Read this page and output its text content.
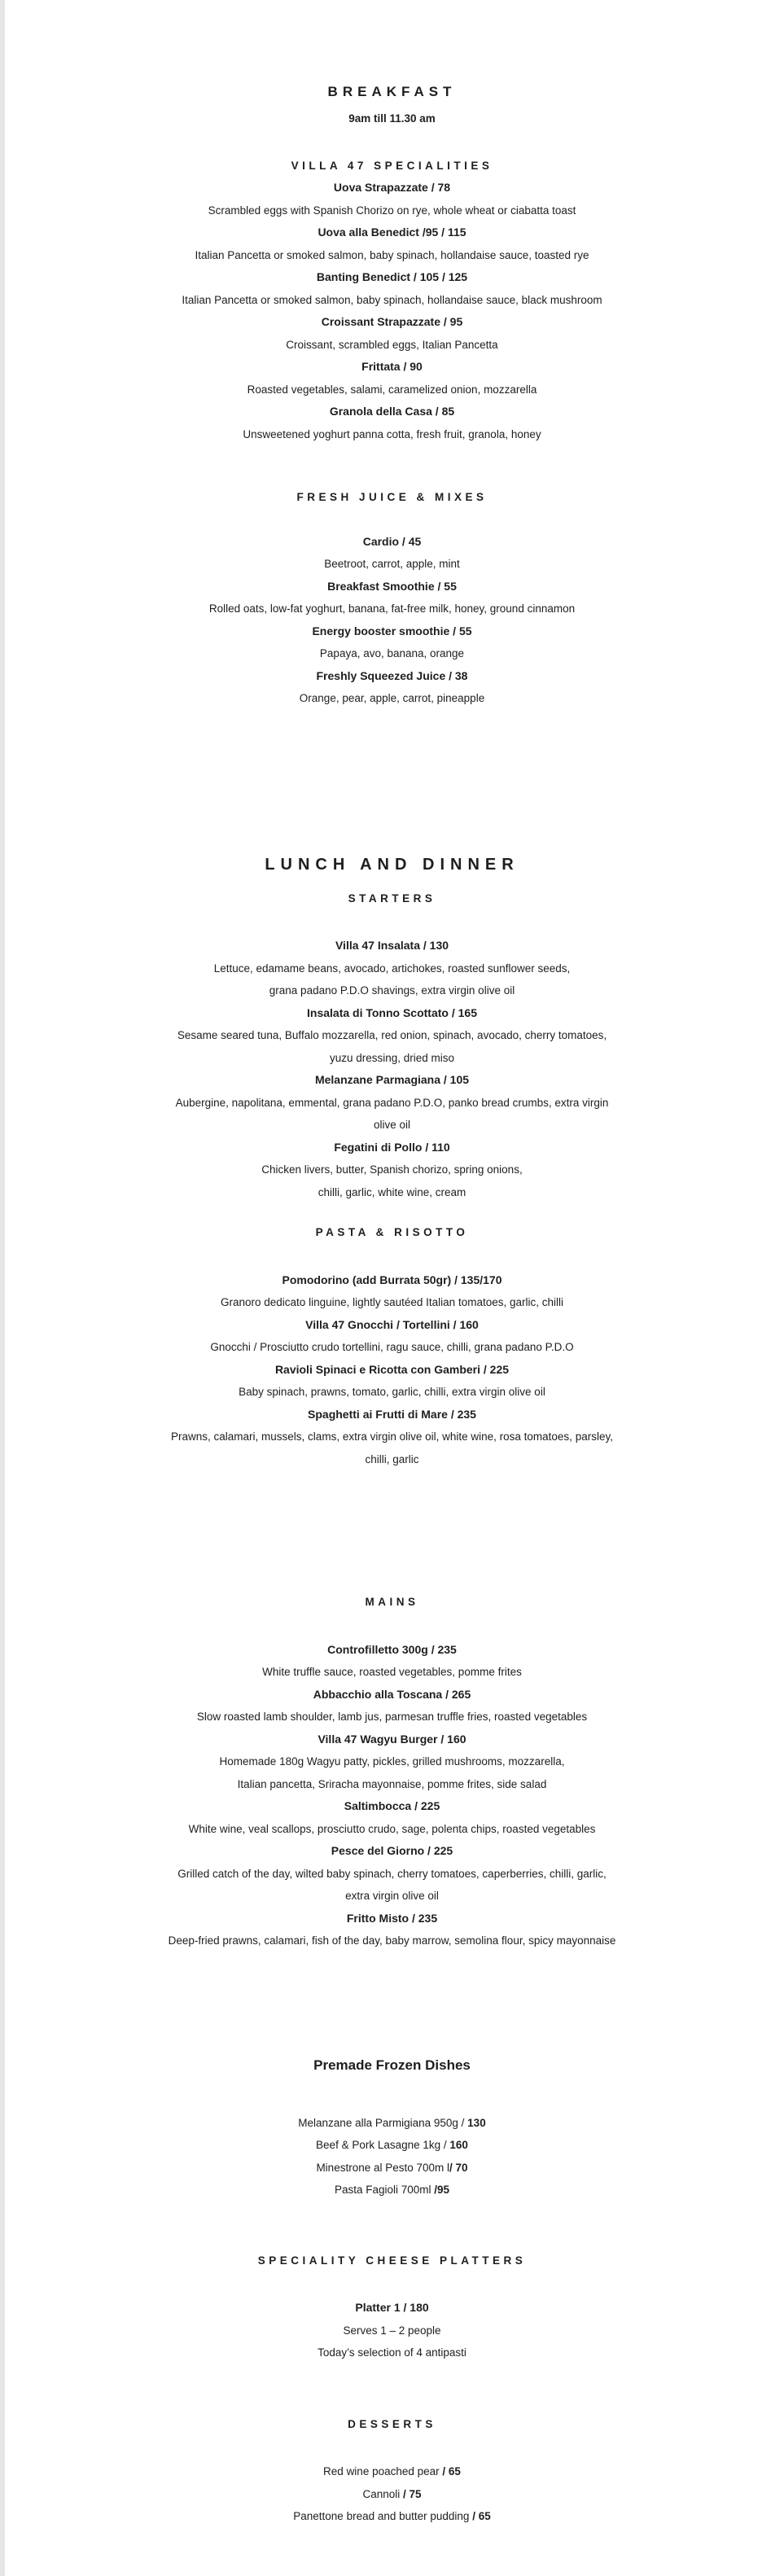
BREAKFAST
9am till 11.30 am
VILLA 47 SPECIALITIES
Uova Strapazzate / 78
Scrambled eggs with Spanish Chorizo on rye, whole wheat or ciabatta toast
Uova alla Benedict /95 / 115
Italian Pancetta or smoked salmon, baby spinach, hollandaise sauce, toasted rye
Banting Benedict / 105 / 125
Italian Pancetta or smoked salmon, baby spinach, hollandaise sauce, black mushroom
Croissant Strapazzate / 95
Croissant, scrambled eggs, Italian Pancetta
Frittata / 90
Roasted vegetables, salami, caramelized onion, mozzarella
Granola della Casa / 85
Unsweetened yoghurt panna cotta, fresh fruit, granola, honey
FRESH JUICE & MIXES
Cardio / 45
Beetroot, carrot, apple, mint
Breakfast Smoothie / 55
Rolled oats, low-fat yoghurt, banana, fat-free milk, honey, ground cinnamon
Energy booster smoothie / 55
Papaya, avo, banana, orange
Freshly Squeezed Juice / 38
Orange, pear, apple, carrot, pineapple
LUNCH AND DINNER
STARTERS
Villa 47 Insalata / 130
Lettuce, edamame beans, avocado, artichokes, roasted sunflower seeds,
grana padano P.D.O shavings, extra virgin olive oil
Insalata di Tonno Scottato / 165
Sesame seared tuna, Buffalo mozzarella, red onion, spinach, avocado, cherry tomatoes,
yuzu dressing, dried miso
Melanzane Parmagiana / 105
Aubergine, napolitana, emmental, grana padano P.D.O, panko bread crumbs, extra virgin
olive oil
Fegatini di Pollo / 110
Chicken livers, butter, Spanish chorizo, spring onions,
chilli, garlic, white wine, cream
PASTA & RISOTTO
Pomodorino (add Burrata 50gr) / 135/170
Granoro dedicato linguine, lightly sautéed Italian tomatoes, garlic, chilli
Villa 47 Gnocchi / Tortellini / 160
Gnocchi / Prosciutto crudo tortellini, ragu sauce, chilli, grana padano P.D.O
Ravioli Spinaci e Ricotta con Gamberi / 225
Baby spinach, prawns, tomato, garlic, chilli, extra virgin olive oil
Spaghetti ai Frutti di Mare / 235
Prawns, calamari, mussels, clams, extra virgin olive oil, white wine, rosa tomatoes, parsley,
chilli, garlic
MAINS
Controfilletto 300g / 235
White truffle sauce, roasted vegetables, pomme frites
Abbacchio alla Toscana / 265
Slow roasted lamb shoulder, lamb jus, parmesan truffle fries, roasted vegetables
Villa 47 Wagyu Burger / 160
Homemade 180g Wagyu patty, pickles, grilled mushrooms, mozzarella,
Italian pancetta, Sriracha mayonnaise, pomme frites, side salad
Saltimbocca / 225
White wine, veal scallops, prosciutto crudo, sage, polenta chips, roasted vegetables
Pesce del Giorno / 225
Grilled catch of the day, wilted baby spinach, cherry tomatoes, caperberries, chilli, garlic,
extra virgin olive oil
Fritto Misto / 235
Deep-fried prawns, calamari, fish of the day, baby marrow, semolina flour, spicy mayonnaise
Premade Frozen Dishes
Melanzane alla Parmigiana 950g / 130
Beef & Pork Lasagne 1kg / 160
Minestrone al Pesto 700m l/ 70
Pasta Fagioli 700ml /95
SPECIALITY CHEESE PLATTERS
Platter 1 / 180
Serves 1 – 2 people
Today’s selection of 4 antipasti
DESSERTS
Red wine poached pear / 65
Cannoli / 75
Panettone bread and butter pudding / 65
